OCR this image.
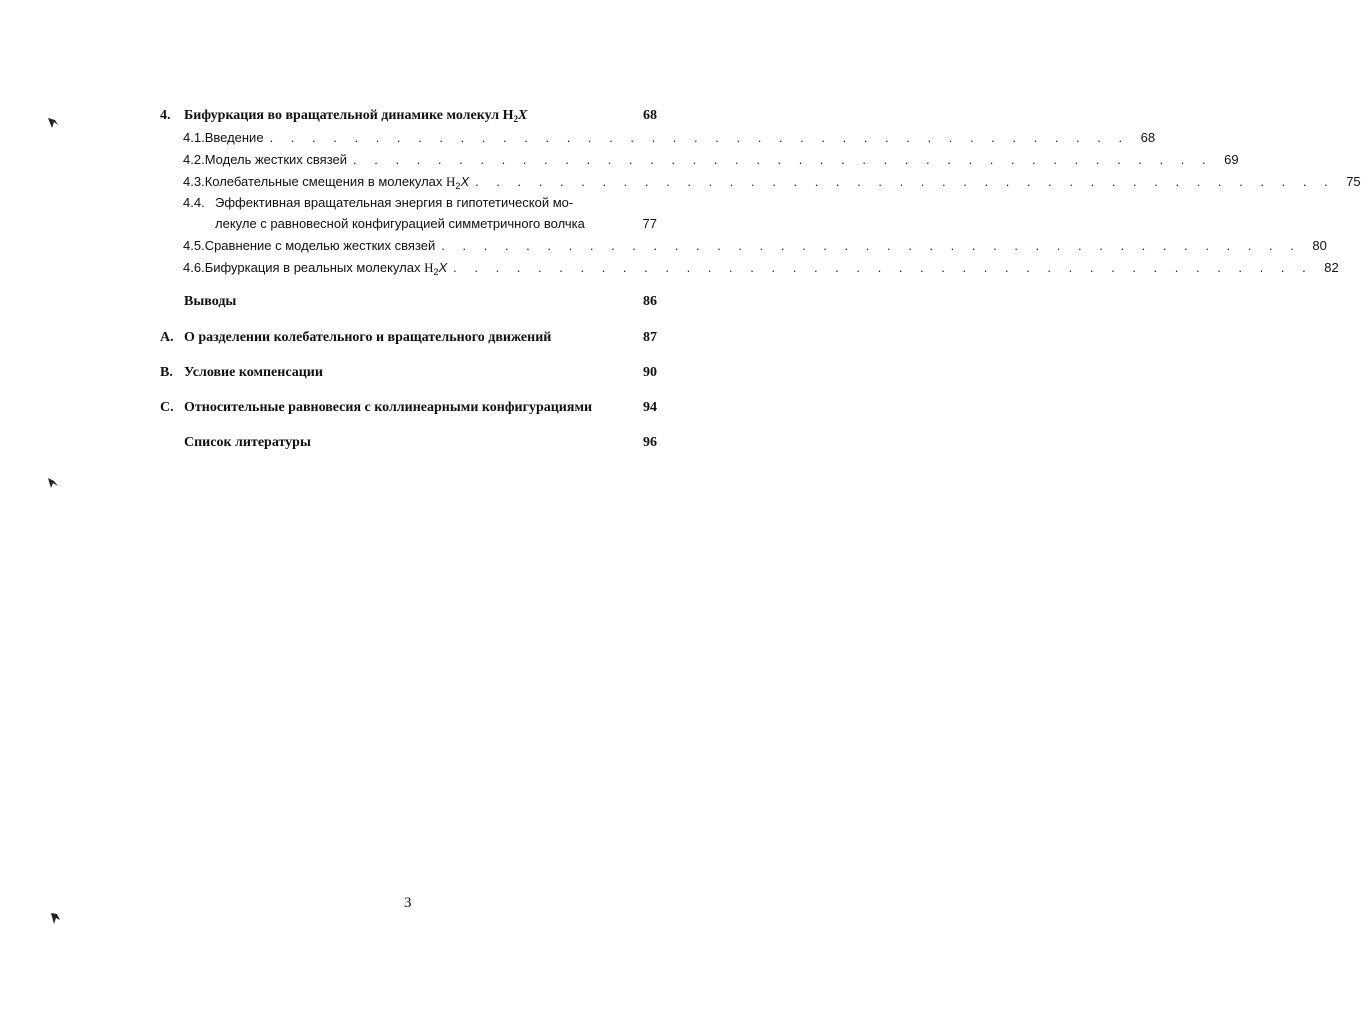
4. Бифуркация во вращательной динамике молекул $H_2X$	68
4.1. Введение . . . . . . . . . . . . . . . . . . . . . . . . . . . . . . . . . . . . . . . . . 68
4.2. Модель жестких связей . . . . . . . . . . . . . . . . . . . . . . . . . . . . . . . . . . . . . . . . . 69
4.3. Колебательные смещения в молекулах $H_2X$ . . . . . . . . . . . . . . . . . . . . . . . . . . . . . . . . . . . . . . . . . 75
4.4. Эффективная вращательная энергия в гипотетической мо-
лекуле с равновесной конфигурацией симметричного волчка	77
4.5. Сравнение с моделью жестких связей . . . . . . . . . . . . . . . . . . . . . . . . . . . . . . . . . . . . . . . . . 80
4.6. Бифуркация в реальных молекулах $H_2X$ . . . . . . . . . . . . . . . . . . . . . . . . . . . . . . . . . . . . . . . . . 82
Выводы	86
A. О разделении колебательного и вращательного движений	87
B. Условие компенсации	90
C. Относительные равновесия с коллинеарными конфигурациями	94
Список литературы	96
3
